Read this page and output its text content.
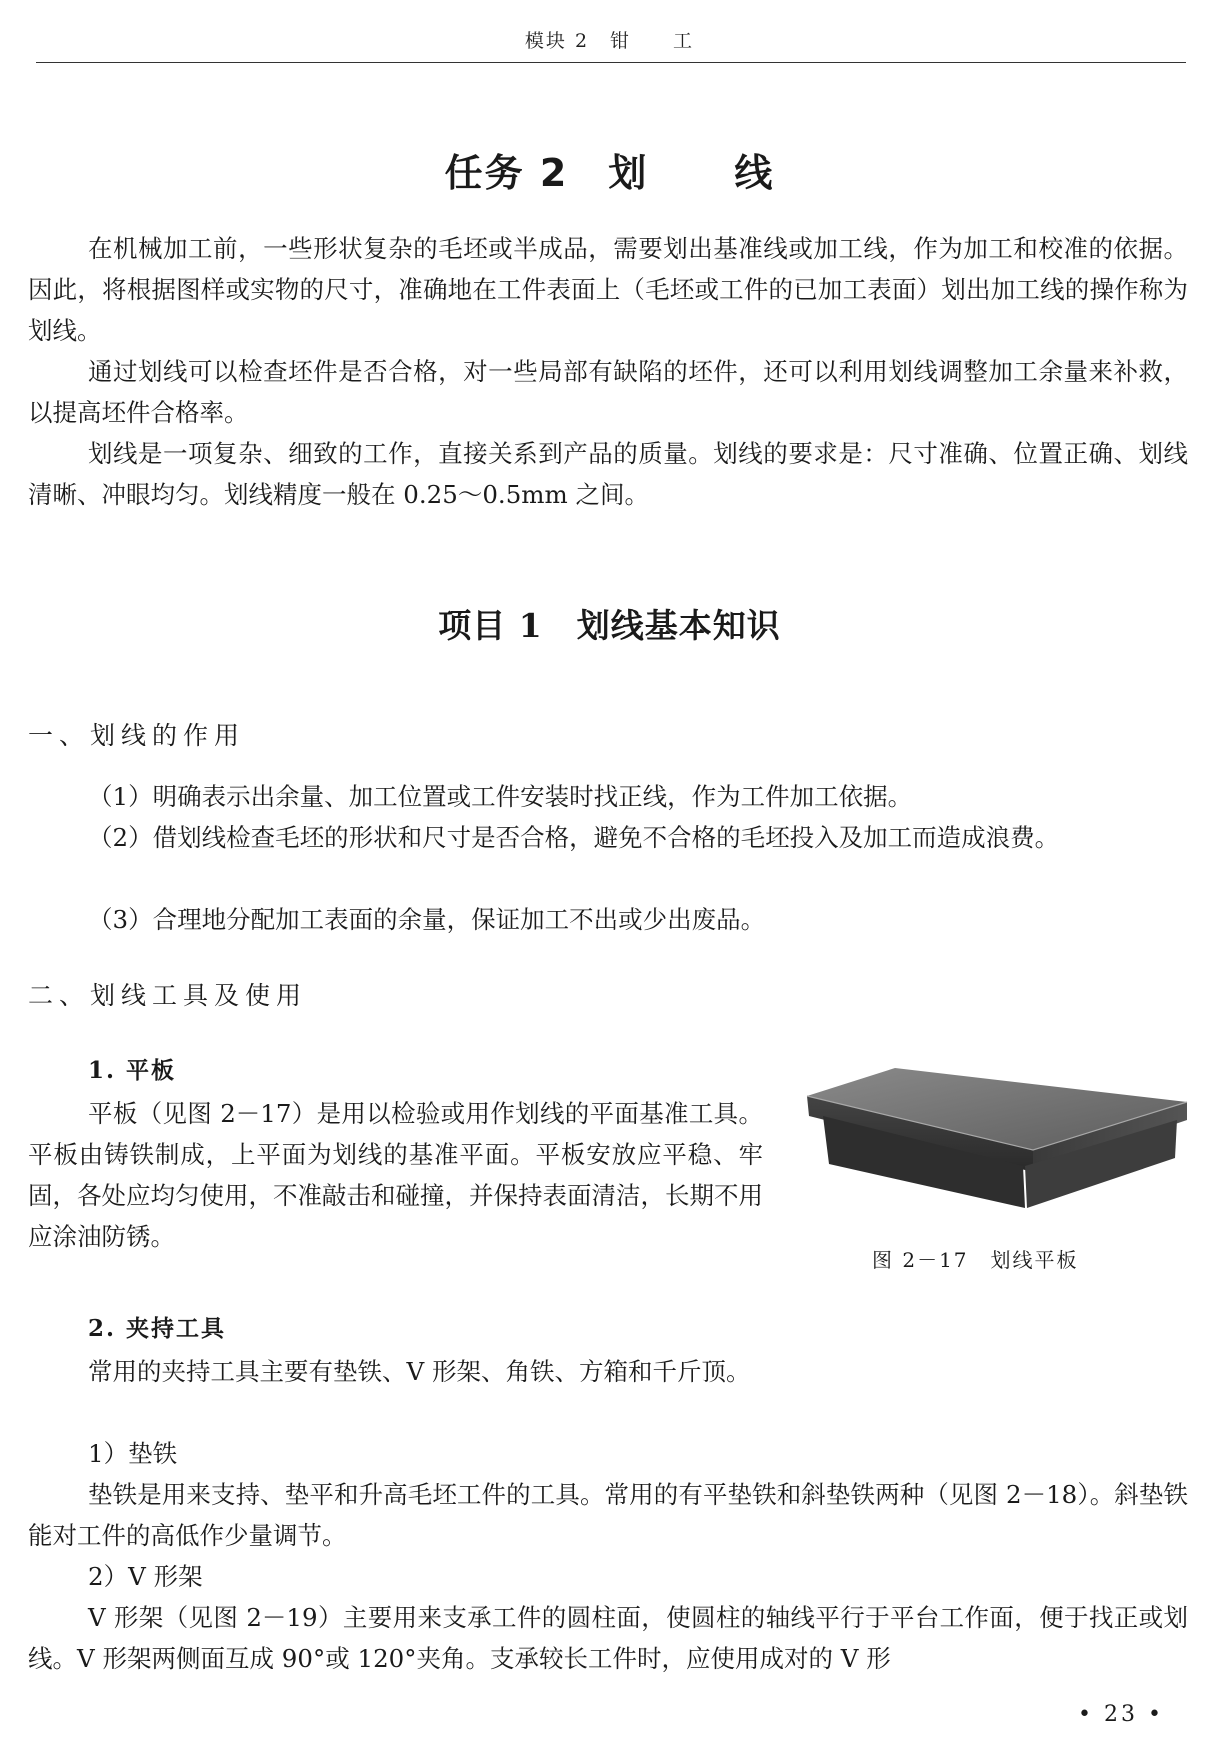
模块 2　钳　　工
任务 2 划 线

在机械加工前，一些形状复杂的毛坯或半成品，需要划出基准线或加工线，作为加工和校准的依据。因此，将根据图样或实物的尺寸，准确地在工件表面上（毛坯或工件的已加工表面）划出加工线的操作称为划线。

通过划线可以检查坯件是否合格，对一些局部有缺陷的坯件，还可以利用划线调整加工余量来补救，以提高坯件合格率。

划线是一项复杂、细致的工作，直接关系到产品的质量。划线的要求是：尺寸准确、位置正确、划线清晰、冲眼均匀。划线精度一般在 0.25～0.5mm 之间。

项目 1　划线基本知识
一、划线的作用

（1）明确表示出余量、加工位置或工件安装时找正线，作为工件加工依据。

（2）借划线检查毛坯的形状和尺寸是否合格，避免不合格的毛坯投入及加工而造成浪费。

（3）合理地分配加工表面的余量，保证加工不出或少出废品。

二、划线工具及使用
1. 平板

平板（见图 2－17）是用以检验或用作划线的平面基准工具。平板由铸铁制成，上平面为划线的基准平面。平板安放应平稳、牢固，各处应均匀使用，不准敲击和碰撞，并保持表面清洁，长期不用应涂油防锈。

图 2－17　划线平板
2. 夹持工具

常用的夹持工具主要有垫铁、V 形架、角铁、方箱和千斤顶。

1）垫铁

垫铁是用来支持、垫平和升高毛坯工件的工具。常用的有平垫铁和斜垫铁两种（见图 2－18）。斜垫铁能对工件的高低作少量调节。

2）V 形架

V 形架（见图 2－19）主要用来支承工件的圆柱面，使圆柱的轴线平行于平台工作面，便于找正或划线。V 形架两侧面互成 90°或 120°夹角。支承较长工件时，应使用成对的 V 形

• 23 •
